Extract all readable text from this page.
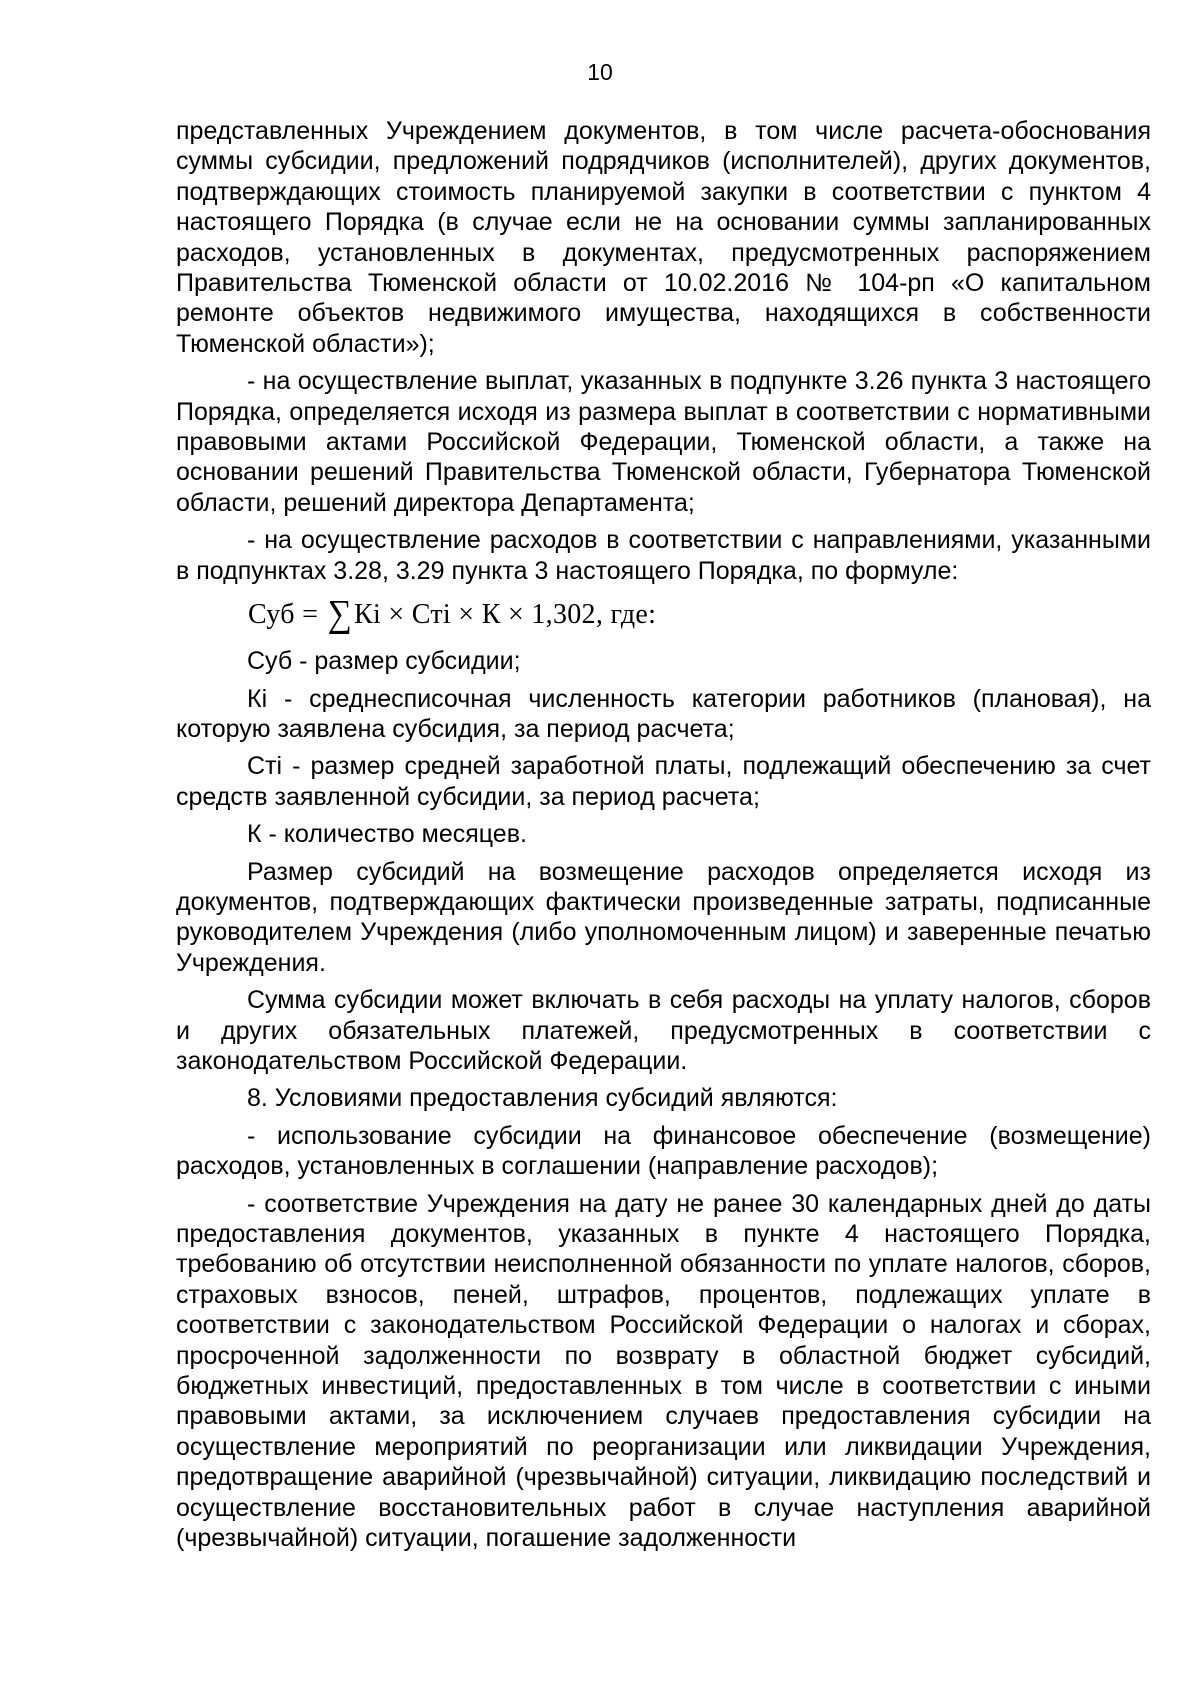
10

представленных Учреждением документов, в том числе расчета-обоснования суммы субсидии, предложений подрядчиков (исполнителей), других документов, подтверждающих стоимость планируемой закупки в соответствии с пунктом 4 настоящего Порядка (в случае если не на основании суммы запланированных расходов, установленных в документах, предусмотренных распоряжением Правительства Тюменской области от 10.02.2016 № 104-рп «О капитальном ремонте объектов недвижимого имущества, находящихся в собственности Тюменской области»);

- на осуществление выплат, указанных в подпункте 3.26 пункта 3 настоящего Порядка, определяется исходя из размера выплат в соответствии с нормативными правовыми актами Российской Федерации, Тюменской области, а также на основании решений Правительства Тюменской области, Губернатора Тюменской области, решений директора Департамента;

- на осуществление расходов в соответствии с направлениями, указанными в подпунктах 3.28, 3.29 пункта 3 настоящего Порядка, по формуле:

Суб = ∑Кi × Стi × К × 1,302, где:

Суб - размер субсидии;

Кi - среднесписочная численность категории работников (плановая), на которую заявлена субсидия, за период расчета;

Стi - размер средней заработной платы, подлежащий обеспечению за счет средств заявленной субсидии, за период расчета;

К - количество месяцев.

Размер субсидий на возмещение расходов определяется исходя из документов, подтверждающих фактически произведенные затраты, подписанные руководителем Учреждения (либо уполномоченным лицом) и заверенные печатью Учреждения.

Сумма субсидии может включать в себя расходы на уплату налогов, сборов и других обязательных платежей, предусмотренных в соответствии с законодательством Российской Федерации.

8. Условиями предоставления субсидий являются:

- использование субсидии на финансовое обеспечение (возмещение) расходов, установленных в соглашении (направление расходов);

- соответствие Учреждения на дату не ранее 30 календарных дней до даты предоставления документов, указанных в пункте 4 настоящего Порядка, требованию об отсутствии неисполненной обязанности по уплате налогов, сборов, страховых взносов, пеней, штрафов, процентов, подлежащих уплате в соответствии с законодательством Российской Федерации о налогах и сборах, просроченной задолженности по возврату в областной бюджет субсидий, бюджетных инвестиций, предоставленных в том числе в соответствии с иными правовыми актами, за исключением случаев предоставления субсидии на осуществление мероприятий по реорганизации или ликвидации Учреждения, предотвращение аварийной (чрезвычайной) ситуации, ликвидацию последствий и осуществление восстановительных работ в случае наступления аварийной (чрезвычайной) ситуации, погашение задолженности
